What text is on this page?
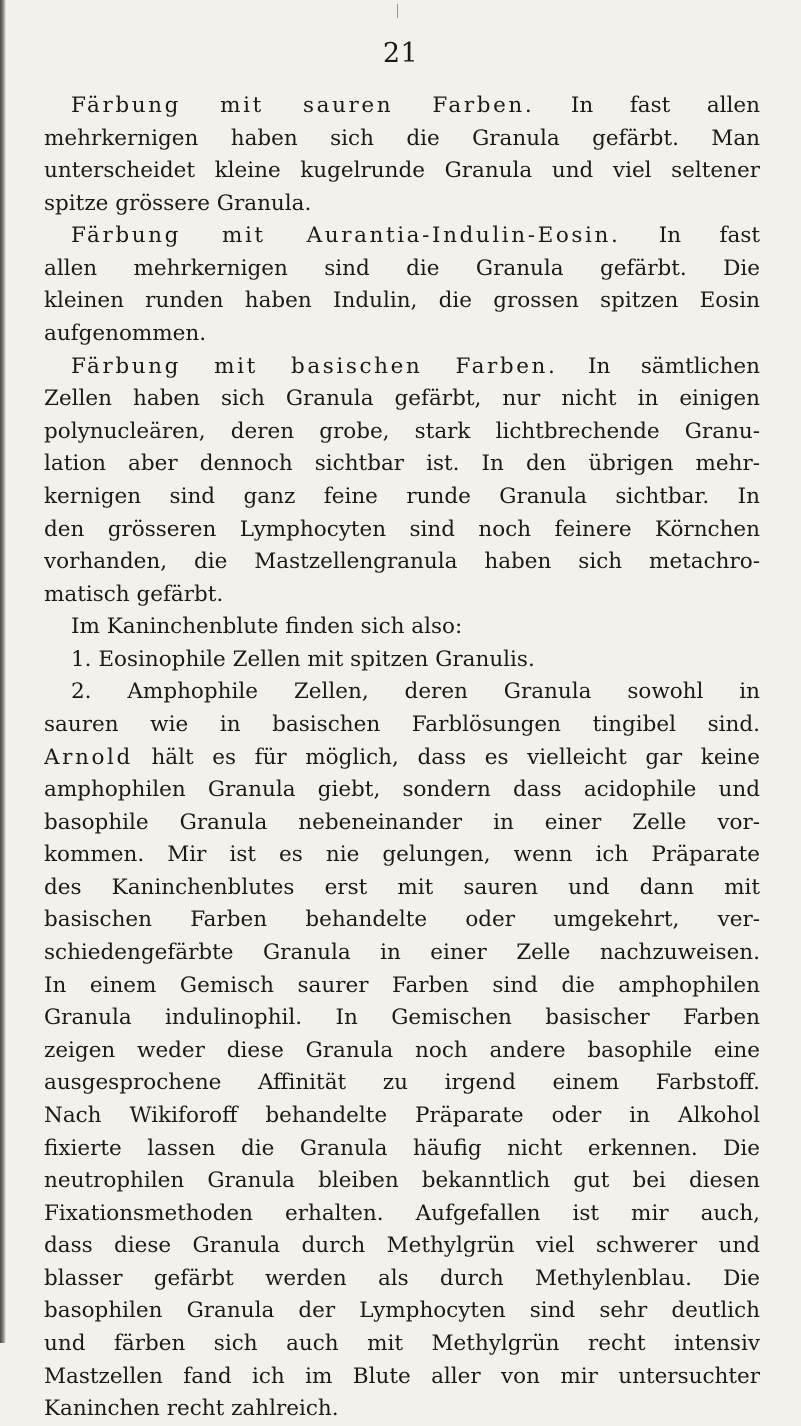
21
Färbung mit sauren Farben. In fast allen
mehrkernigen haben sich die Granula gefärbt. Man
unterscheidet kleine kugelrunde Granula und viel seltener
spitze grössere Granula.
Färbung mit Aurantia-Indulin-Eosin. In fast
allen mehrkernigen sind die Granula gefärbt. Die
kleinen runden haben Indulin, die grossen spitzen Eosin
aufgenommen.
Färbung mit basischen Farben. In sämtlichen
Zellen haben sich Granula gefärbt, nur nicht in einigen
polynucleären, deren grobe, stark lichtbrechende Granu-
lation aber dennoch sichtbar ist. In den übrigen mehr-
kernigen sind ganz feine runde Granula sichtbar. In
den grösseren Lymphocyten sind noch feinere Körnchen
vorhanden, die Mastzellengranula haben sich metachro-
matisch gefärbt.
Im Kaninchenblute finden sich also:
1. Eosinophile Zellen mit spitzen Granulis.
2. Amphophile Zellen, deren Granula sowohl in
sauren wie in basischen Farblösungen tingibel sind.
Arnold hält es für möglich, dass es vielleicht gar keine
amphophilen Granula giebt, sondern dass acidophile und
basophile Granula nebeneinander in einer Zelle vor-
kommen. Mir ist es nie gelungen, wenn ich Präparate
des Kaninchenblutes erst mit sauren und dann mit
basischen Farben behandelte oder umgekehrt, ver-
schiedengefärbte Granula in einer Zelle nachzuweisen.
In einem Gemisch saurer Farben sind die amphophilen
Granula indulinophil. In Gemischen basischer Farben
zeigen weder diese Granula noch andere basophile eine
ausgesprochene Affinität zu irgend einem Farbstoff.
Nach Wikiforoff behandelte Präparate oder in Alkohol
fixierte lassen die Granula häufig nicht erkennen. Die
neutrophilen Granula bleiben bekanntlich gut bei diesen
Fixationsmethoden erhalten. Aufgefallen ist mir auch,
dass diese Granula durch Methylgrün viel schwerer und
blasser gefärbt werden als durch Methylenblau. Die
basophilen Granula der Lymphocyten sind sehr deutlich
und färben sich auch mit Methylgrün recht intensiv
Mastzellen fand ich im Blute aller von mir untersuchter
Kaninchen recht zahlreich.
